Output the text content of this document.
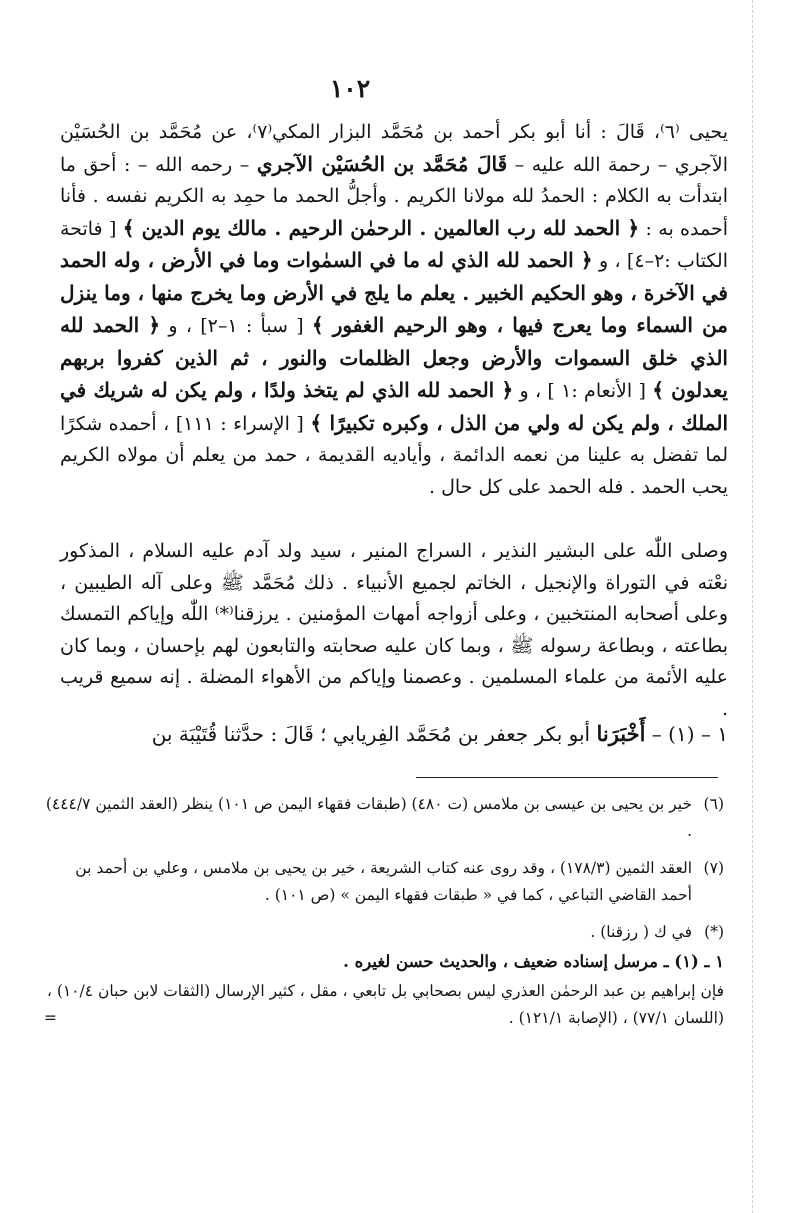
١٠٢

يحيى ⁽٦⁾، قَالَ : أنا أبو بكر أحمد بن مُحَمَّد البزار المكي⁽٧⁾، عن مُحَمَّد بن الحُسَيْن الآجري – رحمة الله عليه – قَالَ مُحَمَّد بن الحُسَيْن الآجري – رحمه الله – : أحق ما ابتدأت به الكلام : الحمدُ لله مولانا الكريم . وأجلُّ الحمد ما حمِد به الكريم نفسه . فأنا أحمده به : ﴿ الحمد لله رب العالمين . الرحمٰن الرحيم . مالك يوم الدين ﴾ [ فاتحة الكتاب :٢–٤] ، و ﴿ الحمد لله الذي له ما في السمٰوات وما في الأرض ، وله الحمد في الآخرة ، وهو الحكيم الخبير . يعلم ما يلج في الأرض وما يخرج منها ، وما ينزل من السماء وما يعرج فيها ، وهو الرحيم الغفور ﴾ [ سبأ : ١–٢] ، و ﴿ الحمد لله الذي خلق السموات والأرض وجعل الظلمات والنور ، ثم الذين كفروا بربهم يعدلون ﴾ [ الأنعام :١ ] ، و ﴿ الحمد لله الذي لم يتخذ ولدًا ، ولم يكن له شريك في الملك ، ولم يكن له ولي من الذل ، وكبره تكبيرًا ﴾ [ الإسراء : ١١١] ، أحمده شكرًا لما تفضل به علينا من نعمه الدائمة ، وأياديه القديمة ، حمد من يعلم أن مولاه الكريم يحب الحمد . فله الحمد على كل حال .

وصلى اللّٰه على البشير النذير ، السراج المنير ، سيد ولد آدم عليه السلام ، المذكور نعْته في التوراة والإنجيل ، الخاتم لجميع الأنبياء . ذلك مُحَمَّد ﷺ وعلى آله الطيبين ، وعلى أصحابه المنتخبين ، وعلى أزواجه أمهات المؤمنين . يرزقنا⁽*⁾ اللّٰه وإياكم التمسك بطاعته ، وبطاعة رسوله ﷺ ، وبما كان عليه صحابته والتابعون لهم بإحسان ، وبما كان عليه الأئمة من علماء المسلمين . وعصمنا وإياكم من الأهواء المضلة . إنه سميع قريب .

١ – (١) – أَخْبَرَنا أبو بكر جعفر بن مُحَمَّد الفِريابي ؛ قَالَ : حدَّثنا قُتَيْبَة بن

(٦)خير بن يحيى بن عيسى بن ملامس (ت ٤٨٠) (طبقات فقهاء اليمن ص ١٠١) ينظر (العقد الثمين ٤٤٤/٧) .

(٧)العقد الثمين (١٧٨/٣) ، وقد روى عنه كتاب الشريعة ، خير بن يحيى بن ملامس ، وعلي بن أحمد بن أحمد القاضي التباعي ، كما في « طبقات فقهاء اليمن » (ص ١٠١) .

(*)في ك ( رزقنا) .

١ ـ (١) ـ مرسل إسناده ضعيف ، والحديث حسن لغيره .

فإن إبراهيم بن عبد الرحمٰن العذري ليس بصحابي بل تابعي ، مقل ، كثير الإرسال (الثقات لابن حبان ١٠/٤) ، (اللسان ٧٧/١) ، (الإصابة ١٢١/١) .
=
